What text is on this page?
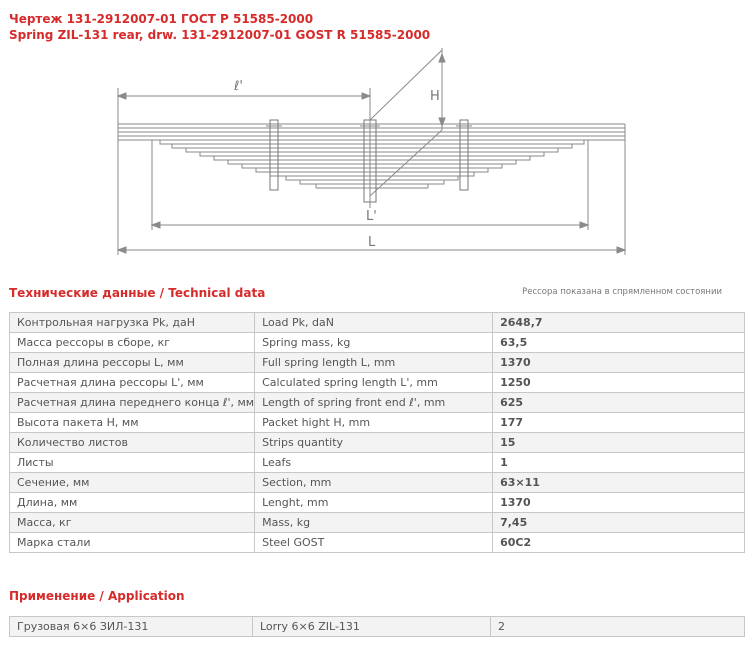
Чертеж 131-2912007-01 ГОСТ Р 51585-2000
Spring ZIL-131 rear, drw. 131-2912007-01 GOST R 51585-2000
ℓ'
H
L'
L
Технические данные / Technical data	Рессора показана в спрямленном состоянии
Контрольная нагрузка Pk, даН	Load Pk, daN	2648,7
Масса рессоры в сборе, кг	Spring mass, kg	63,5
Полная длина рессоры L, мм	Full spring length L, mm	1370
Расчетная длина рессоры L', мм	Calculated spring length L', mm	1250
Расчетная длина переднего конца ℓ', мм	Length of spring front end ℓ', mm	625
Высота пакета H, мм	Packet hight H, mm	177
Количество листов	Strips quantity	15
Листы	Leafs	1
Сечение, мм	Section, mm	63×11
Длина, мм	Lenght, mm	1370
Масса, кг	Mass, kg	7,45
Марка стали	Steel GOST	60С2
Применение / Application
Грузовая 6×6 ЗИЛ-131	Lorry 6×6 ZIL-131	2
